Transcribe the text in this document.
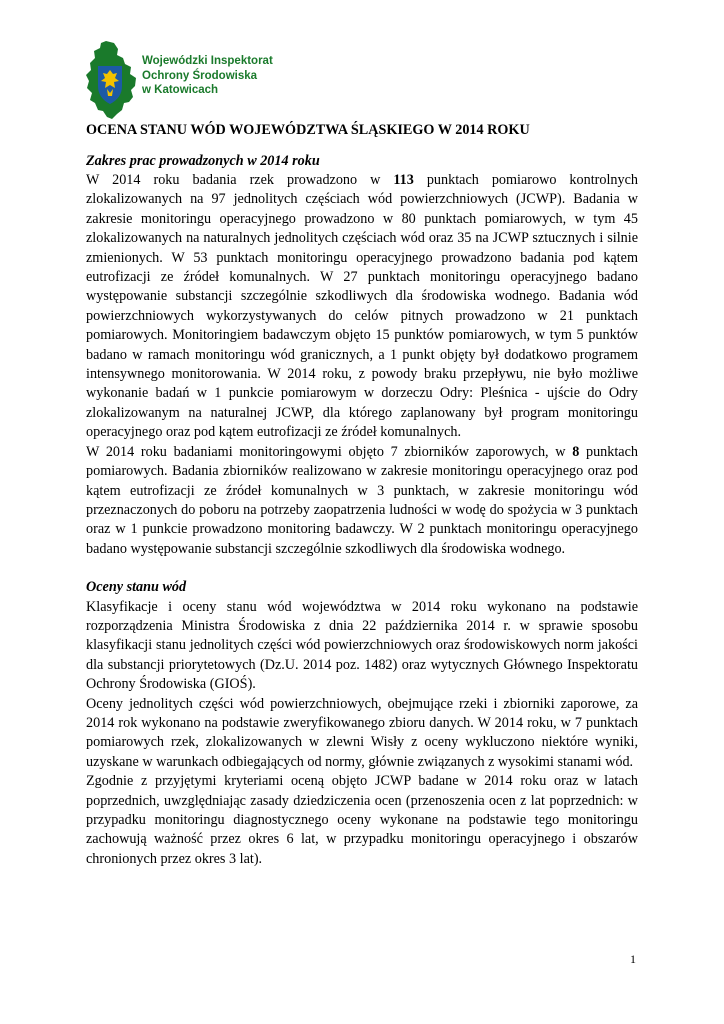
Wojewódzki Inspektorat
Ochrony Środowiska
w Katowicach
OCENA STANU WÓD WOJEWÓDZTWA ŚLĄSKIEGO W 2014 ROKU
Zakres prac prowadzonych w 2014 roku

W 2014 roku badania rzek prowadzono w 113 punktach pomiarowo kontrolnych zlokalizowanych na 97 jednolitych częściach wód powierzchniowych (JCWP). Badania w zakresie monitoringu operacyjnego prowadzono w 80 punktach pomiarowych, w tym 45 zlokalizowanych na naturalnych jednolitych częściach wód oraz 35 na JCWP sztucznych i silnie zmienionych. W 53 punktach monitoringu operacyjnego prowadzono badania pod kątem eutrofizacji ze źródeł komunalnych. W 27 punktach monitoringu operacyjnego badano występowanie substancji szczególnie szkodliwych dla środowiska wodnego. Badania wód powierzchniowych wykorzystywanych do celów pitnych prowadzono w 21 punktach pomiarowych. Monitoringiem badawczym objęto 15 punktów pomiarowych, w tym 5 punktów badano w ramach monitoringu wód granicznych, a 1 punkt objęty był dodatkowo programem intensywnego monitorowania. W 2014 roku, z powody braku przepływu, nie było możliwe wykonanie badań w 1 punkcie pomiarowym w dorzeczu Odry: Pleśnica - ujście do Odry zlokalizowanym na naturalnej JCWP, dla którego zaplanowany był program monitoringu operacyjnego oraz pod kątem eutrofizacji ze źródeł komunalnych.

W 2014 roku badaniami monitoringowymi objęto 7 zbiorników zaporowych, w 8 punktach pomiarowych. Badania zbiorników realizowano w zakresie monitoringu operacyjnego oraz pod kątem eutrofizacji ze źródeł komunalnych w 3 punktach, w zakresie monitoringu wód przeznaczonych do poboru na potrzeby zaopatrzenia ludności w wodę do spożycia w 3 punktach oraz w 1 punkcie prowadzono monitoring badawczy. W 2 punktach monitoringu operacyjnego badano występowanie substancji szczególnie szkodliwych dla środowiska wodnego.

Oceny stanu wód

Klasyfikacje i oceny stanu wód województwa w 2014 roku wykonano na podstawie rozporządzenia Ministra Środowiska z dnia 22 października 2014 r. w sprawie sposobu klasyfikacji stanu jednolitych części wód powierzchniowych oraz środowiskowych norm jakości dla substancji priorytetowych (Dz.U. 2014 poz. 1482) oraz wytycznych Głównego Inspektoratu Ochrony Środowiska (GIOŚ).

Oceny jednolitych części wód powierzchniowych, obejmujące rzeki i zbiorniki zaporowe, za 2014 rok wykonano na podstawie zweryfikowanego zbioru danych. W 2014 roku, w 7 punktach pomiarowych rzek, zlokalizowanych w zlewni Wisły z oceny wykluczono niektóre wyniki, uzyskane w warunkach odbiegających od normy, głównie związanych z wysokimi stanami wód.

Zgodnie z przyjętymi kryteriami oceną objęto JCWP badane w 2014 roku oraz w latach poprzednich, uwzględniając zasady dziedziczenia ocen (przenoszenia ocen z lat poprzednich: w przypadku monitoringu diagnostycznego oceny wykonane na podstawie tego monitoringu zachowują ważność przez okres 6 lat, w przypadku monitoringu operacyjnego i obszarów chronionych przez okres 3 lat).

1
